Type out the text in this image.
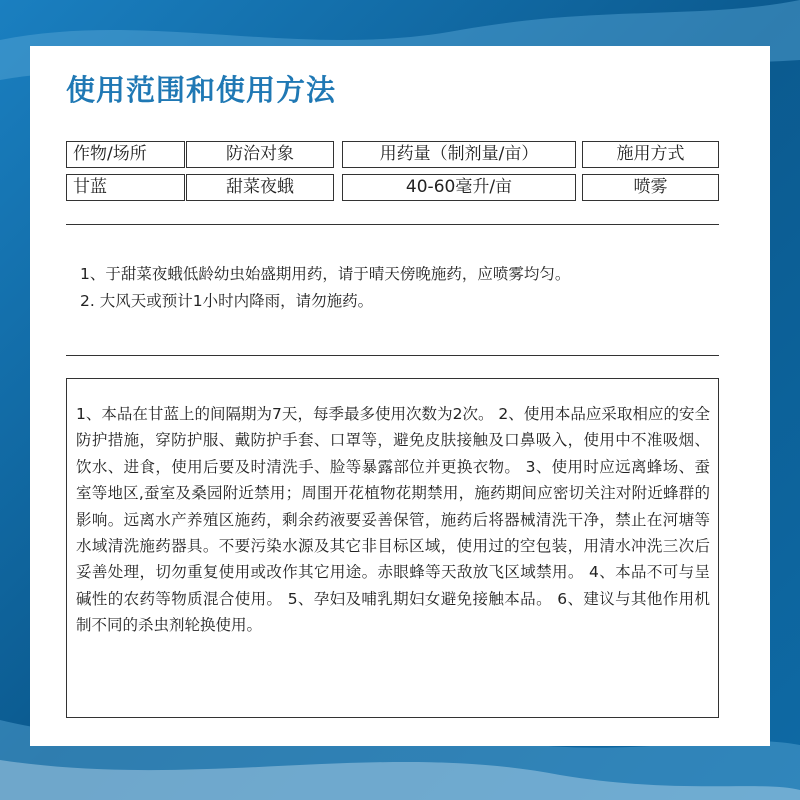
使用范围和使用方法
作物/场所	防治对象	用药量（制剂量/亩）	施用方式
甘蓝	甜菜夜蛾	40-60毫升/亩	喷雾
1、于甜菜夜蛾低龄幼虫始盛期用药，请于晴天傍晚施药，应喷雾均匀。
2. 大风天或预计1小时内降雨，请勿施药。

1、本品在甘蓝上的间隔期为7天，每季最多使用次数为2次。 2、使用本品应采取相应的安全防护措施，穿防护服、戴防护手套、口罩等，避免皮肤接触及口鼻吸入，使用中不准吸烟、饮水、进食，使用后要及时清洗手、脸等暴露部位并更换衣物。 3、使用时应远离蜂场、蚕室等地区,蚕室及桑园附近禁用；周围开花植物花期禁用，施药期间应密切关注对附近蜂群的影响。远离水产养殖区施药，剩余药液要妥善保管，施药后将器械清洗干净，禁止在河塘等水域清洗施药器具。不要污染水源及其它非目标区域，使用过的空包装，用清水冲洗三次后妥善处理，切勿重复使用或改作其它用途。赤眼蜂等天敌放飞区域禁用。 4、本品不可与呈碱性的农药等物质混合使用。 5、孕妇及哺乳期妇女避免接触本品。 6、建议与其他作用机制不同的杀虫剂轮换使用。
